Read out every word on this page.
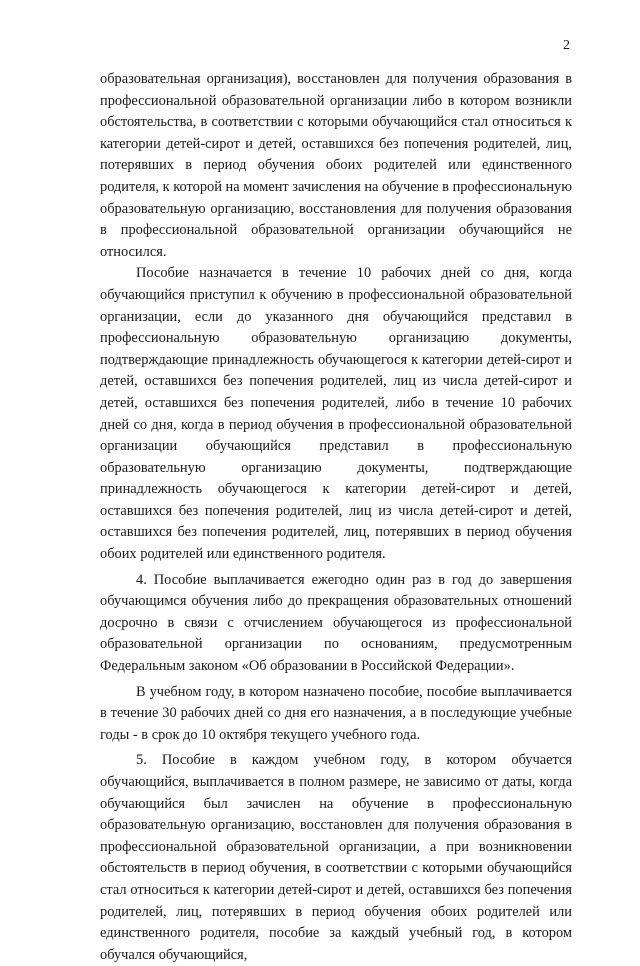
2

образовательная организация), восстановлен для получения образования в профессиональной образовательной организации либо в котором возникли обстоятельства, в соответствии с которыми обучающийся стал относиться к категории детей-сирот и детей, оставшихся без попечения родителей, лиц, потерявших в период обучения обоих родителей или единственного родителя, к которой на момент зачисления на обучение в профессиональную образовательную организацию, восстановления для получения образования в профессиональной образовательной организации обучающийся не относился.

Пособие назначается в течение 10 рабочих дней со дня, когда обучающийся приступил к обучению в профессиональной образовательной организации, если до указанного дня обучающийся представил в профессиональную образовательную организацию документы, подтверждающие принадлежность обучающегося к категории детей-сирот и детей, оставшихся без попечения родителей, лиц из числа детей-сирот и детей, оставшихся без попечения родителей, либо в течение 10 рабочих дней со дня, когда в период обучения в профессиональной образовательной организации обучающийся представил в профессиональную образовательную организацию документы, подтверждающие принадлежность обучающегося к категории детей-сирот и детей, оставшихся без попечения родителей, лиц из числа детей-сирот и детей, оставшихся без попечения родителей, лиц, потерявших в период обучения обоих родителей или единственного родителя.

4. Пособие выплачивается ежегодно один раз в год до завершения обучающимся обучения либо до прекращения образовательных отношений досрочно в связи с отчислением обучающегося из профессиональной образовательной организации по основаниям, предусмотренным Федеральным законом «Об образовании в Российской Федерации».

В учебном году, в котором назначено пособие, пособие выплачивается в течение 30 рабочих дней со дня его назначения, а в последующие учебные годы - в срок до 10 октября текущего учебного года.

5. Пособие в каждом учебном году, в котором обучается обучающийся, выплачивается в полном размере, не зависимо от даты, когда обучающийся был зачислен на обучение в профессиональную образовательную организацию, восстановлен для получения образования в профессиональной образовательной организации, а при возникновении обстоятельств в период обучения, в соответствии с которыми обучающийся стал относиться к категории детей-сирот и детей, оставшихся без попечения родителей, лиц, потерявших в период обучения обоих родителей или единственного родителя, пособие за каждый учебный год, в котором обучался обучающийся,
